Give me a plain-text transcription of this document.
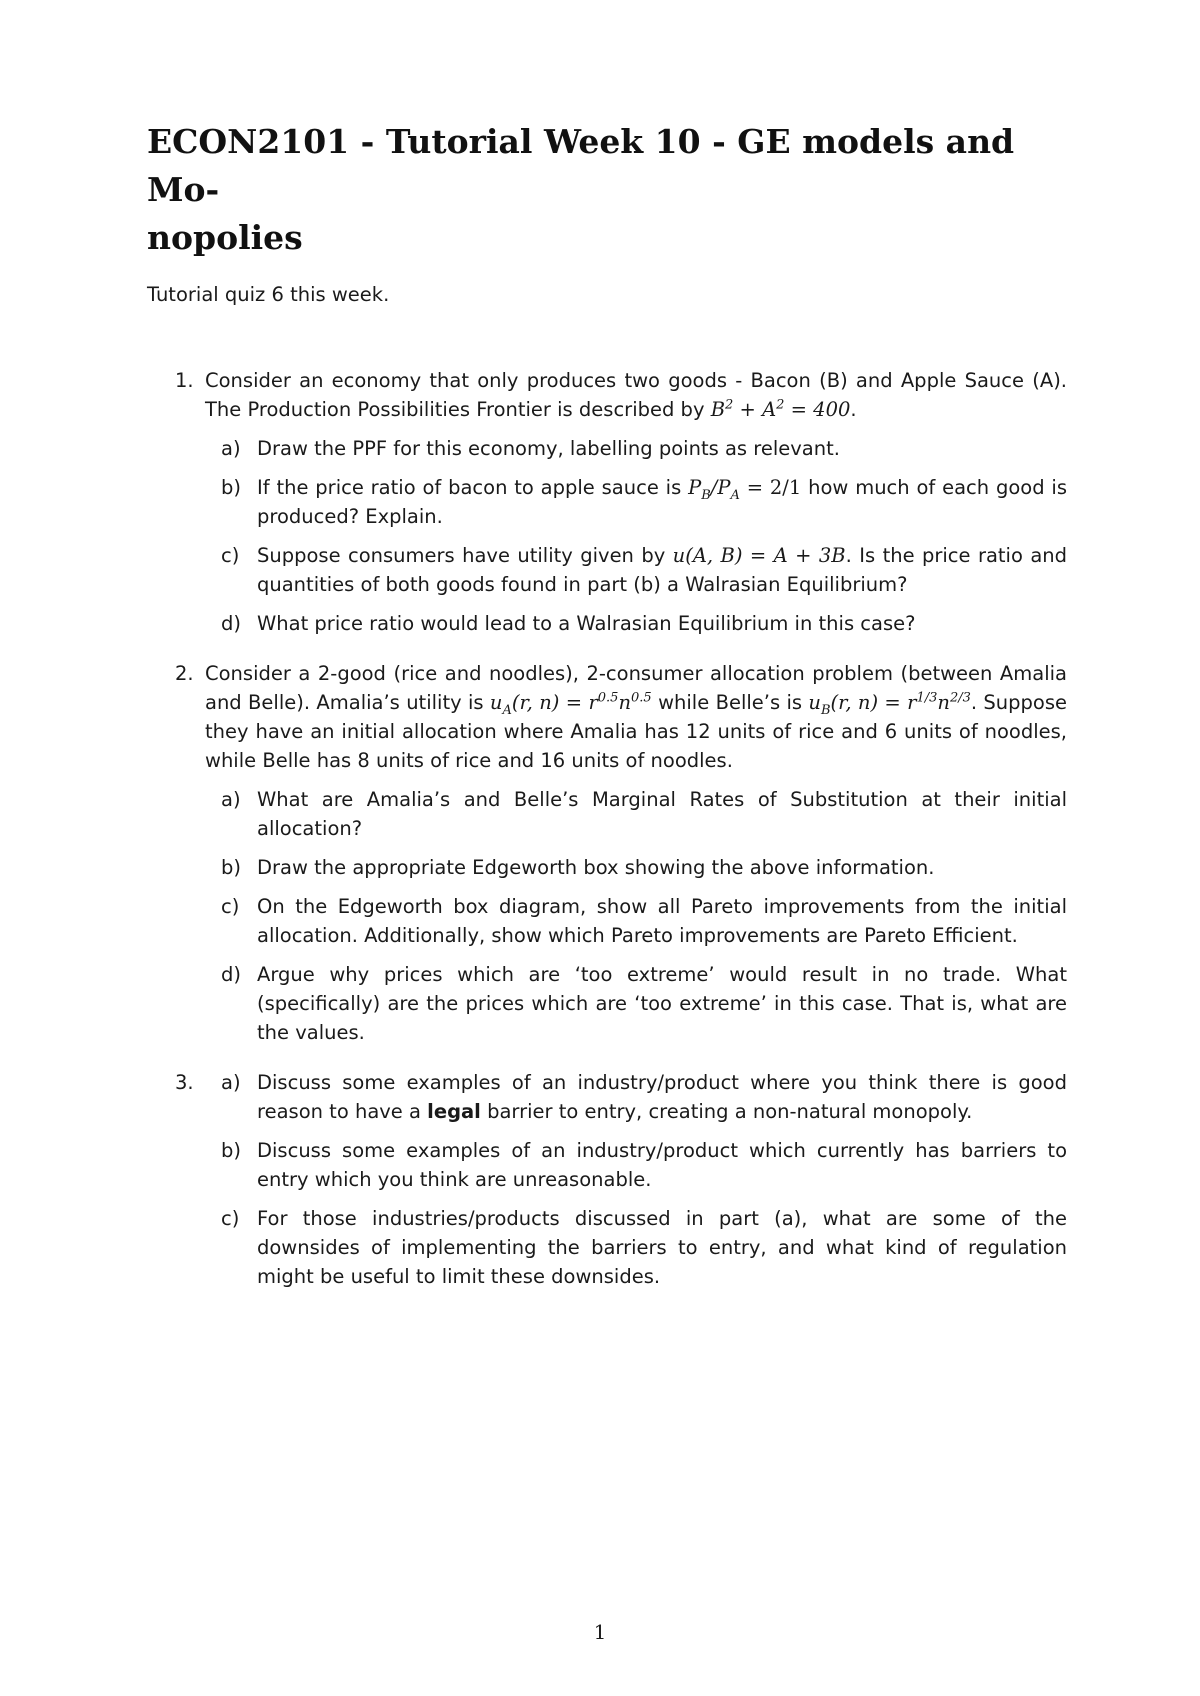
ECON2101 - Tutorial Week 10 - GE models and Mo-
nopolies

Tutorial quiz 6 this week.

1. Consider an economy that only produces two goods - Bacon (B) and Apple Sauce (A). The Production Possibilities Frontier is described by $B^2 + A^2 = 400$.
a) Draw the PPF for this economy, labelling points as relevant.
b) If the price ratio of bacon to apple sauce is $P_B/P_A = 2/1$ how much of each good is produced? Explain.
c) Suppose consumers have utility given by u(A, B) = A + 3B. Is the price ratio and quantities of both goods found in part (b) a Walrasian Equilibrium?
d) What price ratio would lead to a Walrasian Equilibrium in this case?
2. Consider a 2-good (rice and noodles), 2-consumer allocation problem (between Amalia and Belle). Amalia’s utility is $u_A(r$, $n) = r^{0.5}n^{0.5}$ while Belle’s is $u_B(r$, $n) = r^{1/3}n^{2/3}$. Suppose they have an initial allocation where Amalia has 12 units of rice and 6 units of noodles, while Belle has 8 units of rice and 16 units of noodles.
a) What are Amalia’s and Belle’s Marginal Rates of Substitution at their initial allocation?
b) Draw the appropriate Edgeworth box showing the above information.
c) On the Edgeworth box diagram, show all Pareto improvements from the initial allocation. Additionally, show which Pareto improvements are Pareto Efficient.
d) Argue why prices which are ‘too extreme’ would result in no trade. What (specifically) are the prices which are ‘too extreme’ in this case. That is, what are the values.
3. a) Discuss some examples of an industry/product where you think there is good reason to have a legal barrier to entry, creating a non-natural monopoly.
b) Discuss some examples of an industry/product which currently has barriers to entry which you think are unreasonable.
c) For those industries/products discussed in part (a), what are some of the downsides of implementing the barriers to entry, and what kind of regulation might be useful to limit these downsides.
1
